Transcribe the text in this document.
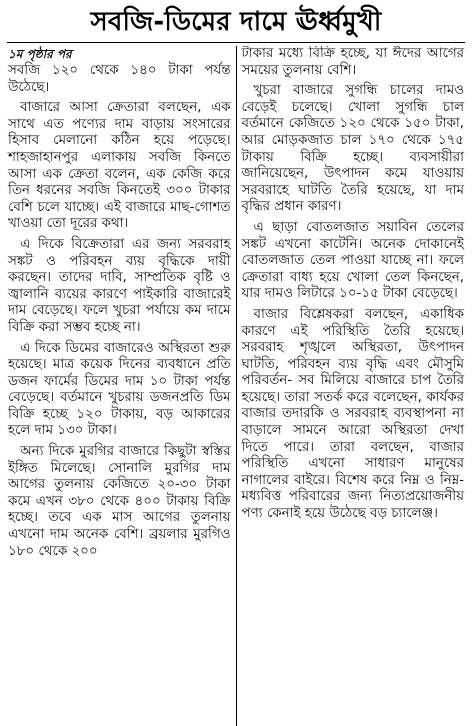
সবজি-ডিমের দামে ঊর্ধ্বমুখী
১ম পৃষ্ঠার পর

সবজি ১২০ থেকে ১৪০ টাকা পর্যন্ত উঠেছে।

বাজারে আসা ক্রেতারা বলছেন, এক সাথে এত পণ্যের দাম বাড়ায় সংসারের হিসাব মেলানো কঠিন হয়ে পড়েছে। শাহজাহানপুর এলাকায় সবজি কিনতে আসা এক ক্রেতা বলেন, এক কেজি করে তিন ধরনের সবজি কিনতেই ৩০০ টাকার বেশি চলে যাচ্ছে। এই বাজারে মাছ-গোশত খাওয়া তো দূরের কথা।

এ দিকে বিক্রেতারা এর জন্য সরবরাহ সঙ্কট ও পরিবহন ব্যয় বৃদ্ধিকে দায়ী করছেন। তাদের দাবি, সাম্প্রতিক বৃষ্টি ও জ্বালানি ব্যয়ের কারণে পাইকারি বাজারেই দাম বেড়েছে। ফলে খুচরা পর্যায়ে কম দামে বিক্রি করা সম্ভব হচ্ছে না।

এ দিকে ডিমের বাজারেও অস্থিরতা শুরু হয়েছে। মাত্র কয়েক দিনের ব্যবধানে প্রতি ডজন ফার্মের ডিমের দাম ১০ টাকা পর্যন্ত বেড়েছে। বর্তমানে খুচরায় ডজনপ্রতি ডিম বিক্রি হচ্ছে ১২০ টাকায়, বড় আকারের হলে দাম ১৩০ টাকা।

অন্য দিকে মুরগির বাজারে কিছুটা স্বস্তির ইঙ্গিত মিলেছে। সোনালি মুরগির দাম আগের তুলনায় কেজিতে ২০-৩০ টাকা কমে এখন ৩৮০ থেকে ৪০০ টাকায় বিক্রি হচ্ছে। তবে এক মাস আগের তুলনায় এখনো দাম অনেক বেশি। ব্রয়লার মুরগিও ১৮০ থেকে ২০০

টাকার মধ্যে বিক্রি হচ্ছে, যা ঈদের আগের সময়ের তুলনায় বেশি।

খুচরা বাজারে সুগন্ধি চালের দামও বেড়েই চলেছে। খোলা সুগন্ধি চাল বর্তমানে কেজিতে ১২০ থেকে ১৫০ টাকা, আর মোড়কজাত চাল ১৭০ থেকে ১৭৫ টাকায় বিক্রি হচ্ছে। ব্যবসায়ীরা জানিয়েছেন, উৎপাদন কমে যাওয়ায় সরবরাহে ঘাটতি তৈরি হয়েছে, যা দাম বৃদ্ধির প্রধান কারণ।

এ ছাড়া বোতলজাত সয়াবিন তেলের সঙ্কট এখনো কাটেনি। অনেক দোকানেই বোতলজাত তেল পাওয়া যাচ্ছে না। ফলে ক্রেতারা বাধ্য হয়ে খোলা তেল কিনছেন, যার দামও লিটারে ১০-১৫ টাকা বেড়েছে।

বাজার বিশ্লেষকরা বলছেন, একাধিক কারণে এই পরিস্থিতি তৈরি হয়েছে। সরবরাহ শৃঙ্খলে অস্থিরতা, উৎপাদন ঘাটতি, পরিবহন ব্যয় বৃদ্ধি এবং মৌসুমি পরিবর্তন- সব মিলিয়ে বাজারে চাপ তৈরি হয়েছে। তারা সতর্ক করে বলেছেন, কার্যকর বাজার তদারকি ও সরবরাহ ব্যবস্থাপনা না বাড়ালে সামনে আরো অস্থিরতা দেখা দিতে পারে। তারা বলছেন, বাজার পরিস্থিতি এখনো সাধারণ মানুষের নাগালের বাইরে। বিশেষ করে নিম্ন ও নিম্ন-মধ্যবিত্ত পরিবারের জন্য নিত্যপ্রয়োজনীয় পণ্য কেনাই হয়ে উঠেছে বড় চ্যালেঞ্জ।
